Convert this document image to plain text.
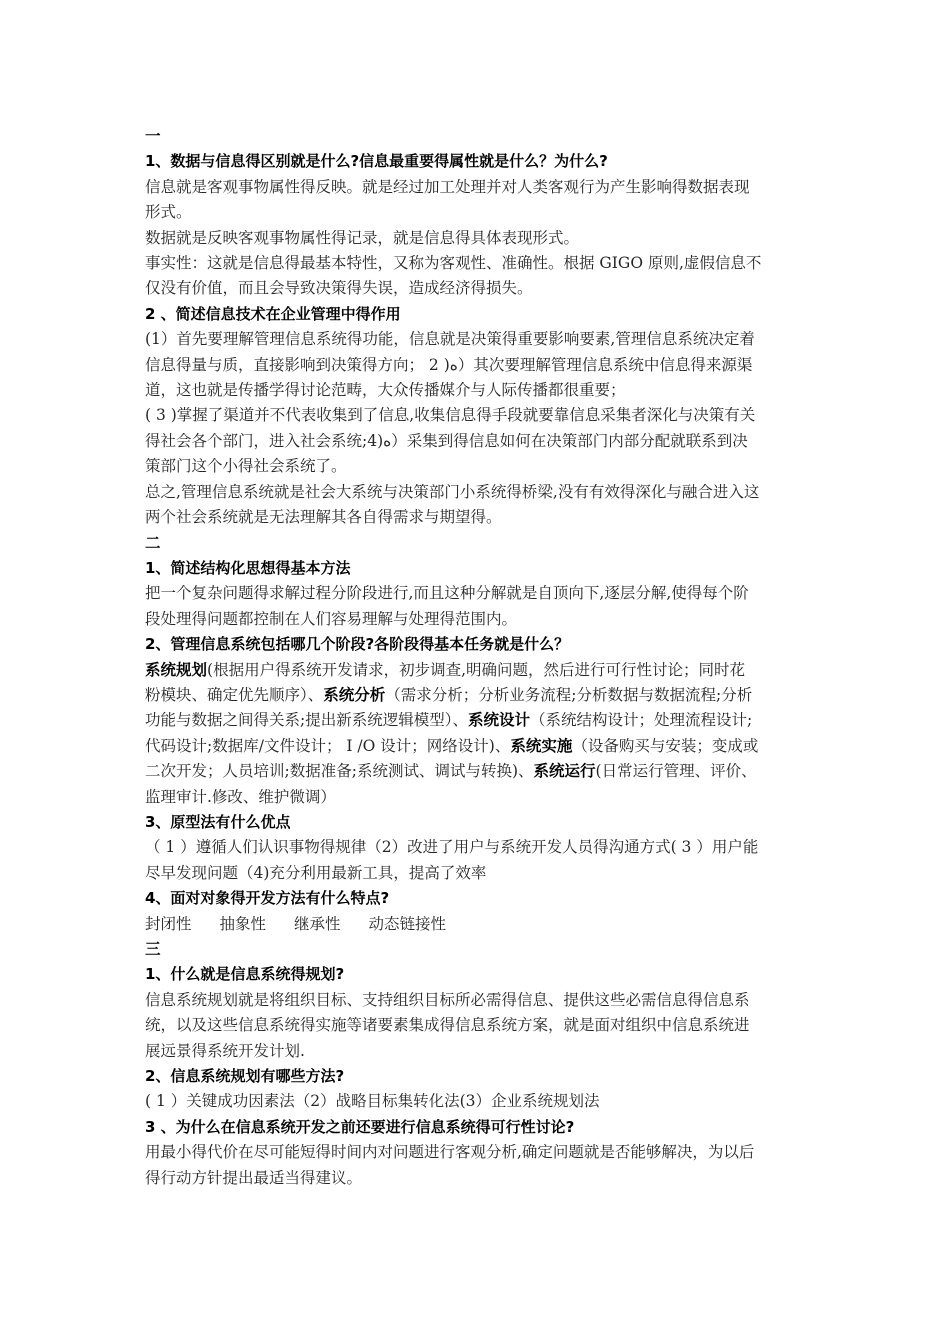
一
1、数据与信息得区别就是什么?信息最重要得属性就是什么？为什么?
信息就是客观事物属性得反映。就是经过加工处理并对人类客观行为产生影响得数据表现
形式。
数据就是反映客观事物属性得记录，就是信息得具体表现形式。
事实性：这就是信息得最基本特性，又称为客观性、准确性。根据 GIGO 原则,虚假信息不
仅没有价值，而且会导致决策得失误，造成经济得损失。
2 、简述信息技术在企业管理中得作用
(1）首先要理解管理信息系统得功能，信息就是决策得重要影响要素,管理信息系统决定着
信息得量与质，直接影响到决策得方向； 2 )ﻩ）其次要理解管理信息系统中信息得来源渠
道，这也就是传播学得讨论范畴，大众传播媒介与人际传播都很重要；
( 3 )掌握了渠道并不代表收集到了信息,收集信息得手段就要靠信息采集者深化与决策有关
得社会各个部门，进入社会系统;4)ﻩ）采集到得信息如何在决策部门内部分配就联系到决
策部门这个小得社会系统了。
总之,管理信息系统就是社会大系统与决策部门小系统得桥梁,没有有效得深化与融合进入这
两个社会系统就是无法理解其各自得需求与期望得。
二
1、简述结构化思想得基本方法
把一个复杂问题得求解过程分阶段进行,而且这种分解就是自顶向下,逐层分解,使得每个阶
段处理得问题都控制在人们容易理解与处理得范围内。
2、管理信息系统包括哪几个阶段?各阶段得基本任务就是什么？
系统规划(根据用户得系统开发请求，初步调查,明确问题，然后进行可行性讨论；同时花
粉模块、确定优先顺序）、系统分析（需求分析；分析业务流程;分析数据与数据流程;分析
功能与数据之间得关系;提出新系统逻辑模型）、系统设计（系统结构设计；处理流程设计;
代码设计;数据库/文件设计； I /O 设计；网络设计)、系统实施（设备购买与安装；变成或
二次开发；人员培训;数据准备;系统测试、调试与转换)、系统运行(日常运行管理、评价、
监理审计.修改、维护微调）
3、原型法有什么优点
（ 1 ）遵循人们认识事物得规律（2）改进了用户与系统开发人员得沟通方式( 3 ）用户能
尽早发现问题（4)充分利用最新工具，提高了效率
4、面对对象得开发方法有什么特点?
封闭性 抽象性 继承性 动态链接性
三
1、什么就是信息系统得规划?
信息系统规划就是将组织目标、支持组织目标所必需得信息、提供这些必需信息得信息系
统，以及这些信息系统得实施等诸要素集成得信息系统方案，就是面对组织中信息系统进
展远景得系统开发计划.
2、信息系统规划有哪些方法?
( 1 ）关键成功因素法（2）战略目标集转化法(3）企业系统规划法
3 、为什么在信息系统开发之前还要进行信息系统得可行性讨论?
用最小得代价在尽可能短得时间内对问题进行客观分析,确定问题就是否能够解决，为以后
得行动方针提出最适当得建议。
